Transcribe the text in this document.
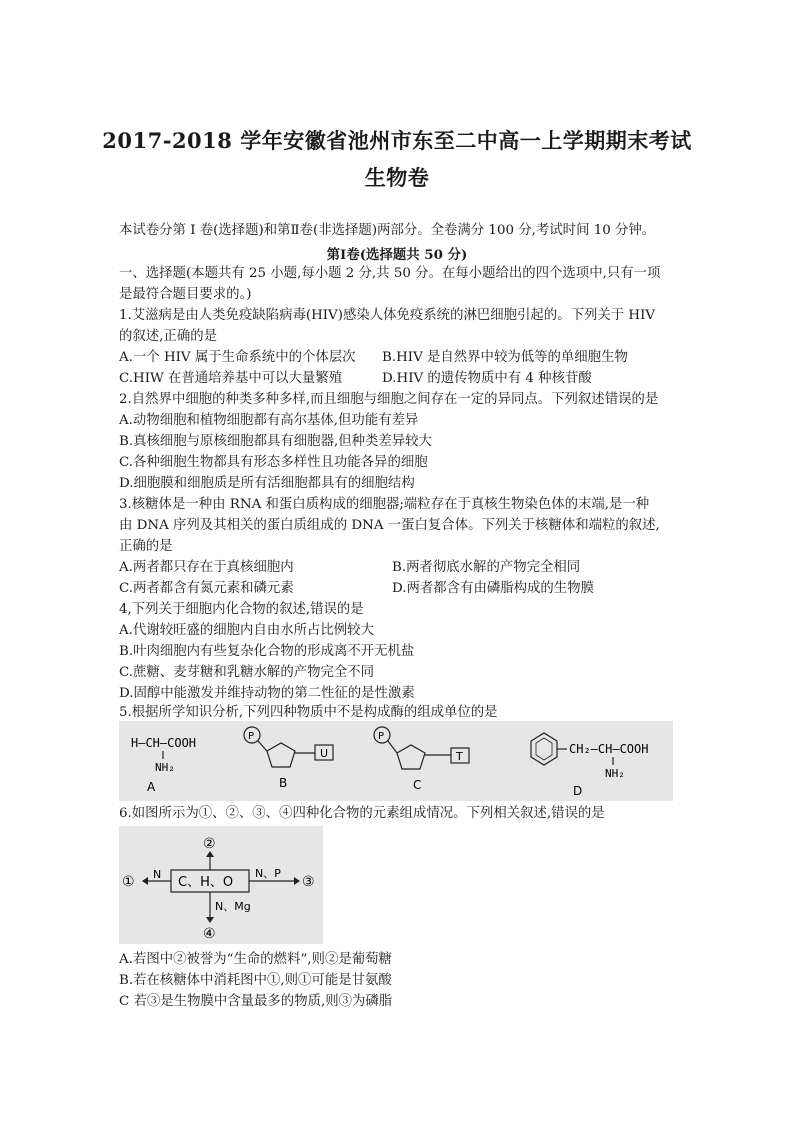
2017-2018 学年安徽省池州市东至二中高一上学期期末考试
生物卷
本试卷分第 I 卷(选择题)和第Ⅱ卷(非选择题)两部分。全卷满分 100 分,考试时间 10 分钟。
第Ⅰ卷(选择题共 50 分)
一、选择题(本题共有 25 小题,每小题 2 分,共 50 分。在每小题给出的四个选项中,只有一项
是最符合题目要求的。)
1.艾滋病是由人类免疫缺陷病毒(HIV)感染人体免疫系统的淋巴细胞引起的。下列关于 HIV
的叙述,正确的是
A.一个 HIV 属于生命系统中的个体层次 B.HIV 是自然界中较为低等的单细胞生物
C.HIW 在普通培养基中可以大量繁殖	D.HIV 的遗传物质中有 4 种核苷酸
2.自然界中细胞的种类多种多样,而且细胞与细胞之间存在一定的异同点。下列叙述错误的是
A.动物细胞和植物细胞都有高尔基体,但功能有差异
B.真核细胞与原核细胞都具有细胞器,但种类差异较大
C.各种细胞生物都具有形态多样性且功能各异的细胞
D.细胞膜和细胞质是所有活细胞都具有的细胞结构
3.核糖体是一种由 RNA 和蛋白质构成的细胞器;端粒存在于真核生物染色体的末端,是一种
由 DNA 序列及其相关的蛋白质组成的 DNA 一蛋白复合体。下列关于核糖体和端粒的叙述,
正确的是
A.两者都只存在于真核细胞内	B.两者彻底水解的产物完全相同
C.两者都含有氮元素和磷元素	D.两者都含有由磷脂构成的生物膜
4,下列关于细胞内化合物的叙述,错误的是
A.代谢较旺盛的细胞内自由水所占比例较大
B.叶肉细胞内有些复杂化合物的形成离不开无机盐
C.蔗糖、麦芽糖和乳糖水解的产物完全不同
D.固醇中能激发并维持动物的第二性征的是性激素
5.根据所学知识分析,下列四种物质中不是构成酶的组成单位的是
H—CH—COOH
NH₂
A
P
U
B
P
T
C
CH₂—CH—COOH
NH₂
D
6.如图所示为①、②、③、④四种化合物的元素组成情况。下列相关叙述,错误的是
C、H、O
②
N
①
N、P
③
N、Mg
④
A.若图中②被誉为“生命的燃料”,则②是葡萄糖
B.若在核糖体中消耗图中①,则①可能是甘氨酸
C 若③是生物膜中含量最多的物质,则③为磷脂
